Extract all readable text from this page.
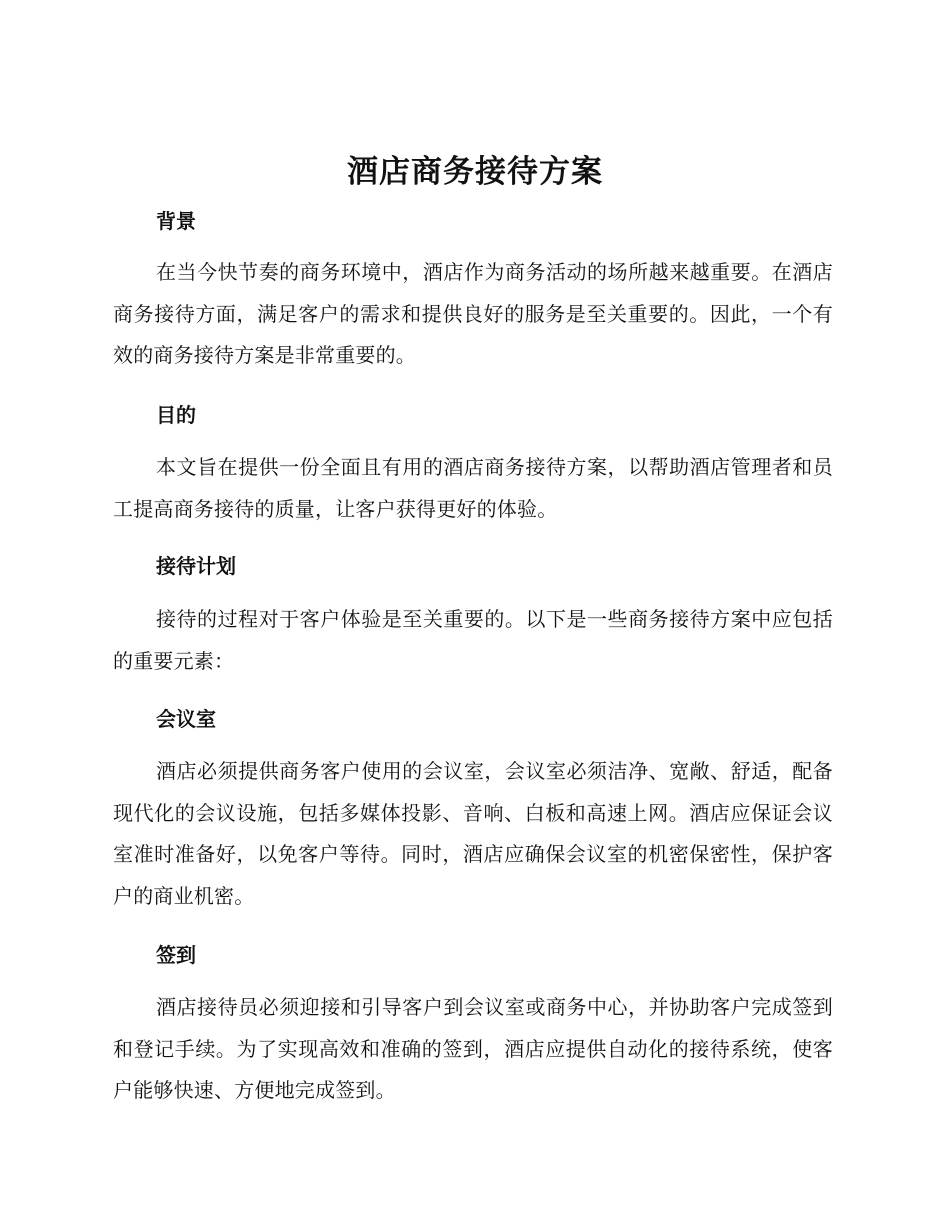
酒店商务接待方案
背景

在当今快节奏的商务环境中，酒店作为商务活动的场所越来越重要。在酒店商务接待方面，满足客户的需求和提供良好的服务是至关重要的。因此，一个有效的商务接待方案是非常重要的。

目的

本文旨在提供一份全面且有用的酒店商务接待方案，以帮助酒店管理者和员工提高商务接待的质量，让客户获得更好的体验。

接待计划

接待的过程对于客户体验是至关重要的。以下是一些商务接待方案中应包括的重要元素：

会议室

酒店必须提供商务客户使用的会议室，会议室必须洁净、宽敞、舒适，配备现代化的会议设施，包括多媒体投影、音响、白板和高速上网。酒店应保证会议室准时准备好，以免客户等待。同时，酒店应确保会议室的机密保密性，保护客户的商业机密。

签到

酒店接待员必须迎接和引导客户到会议室或商务中心，并协助客户完成签到和登记手续。为了实现高效和准确的签到，酒店应提供自动化的接待系统，使客户能够快速、方便地完成签到。
